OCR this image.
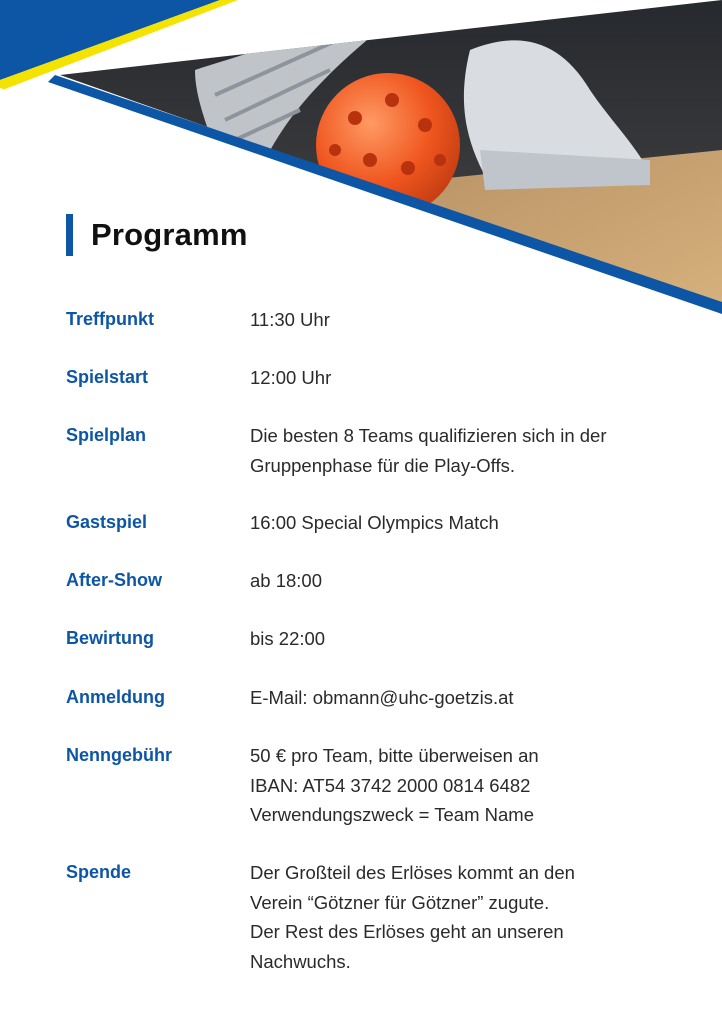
Programm
Treffpunkt	11:30 Uhr
Spielstart	12:00 Uhr
Spielplan	Die besten 8 Teams qualifizieren sich in der
Gruppenphase für die Play-Offs.
Gastspiel	16:00 Special Olympics Match
After-Show	ab 18:00
Bewirtung	bis 22:00
Anmeldung	E-Mail: obmann@uhc-goetzis.at
Nenngebühr	50 € pro Team, bitte überweisen an
IBAN: AT54 3742 2000 0814 6482
Verwendungszweck = Team Name
Spende	Der Großteil des Erlöses kommt an den
Verein “Götzner für Götzner” zugute.
Der Rest des Erlöses geht an unseren
Nachwuchs.
